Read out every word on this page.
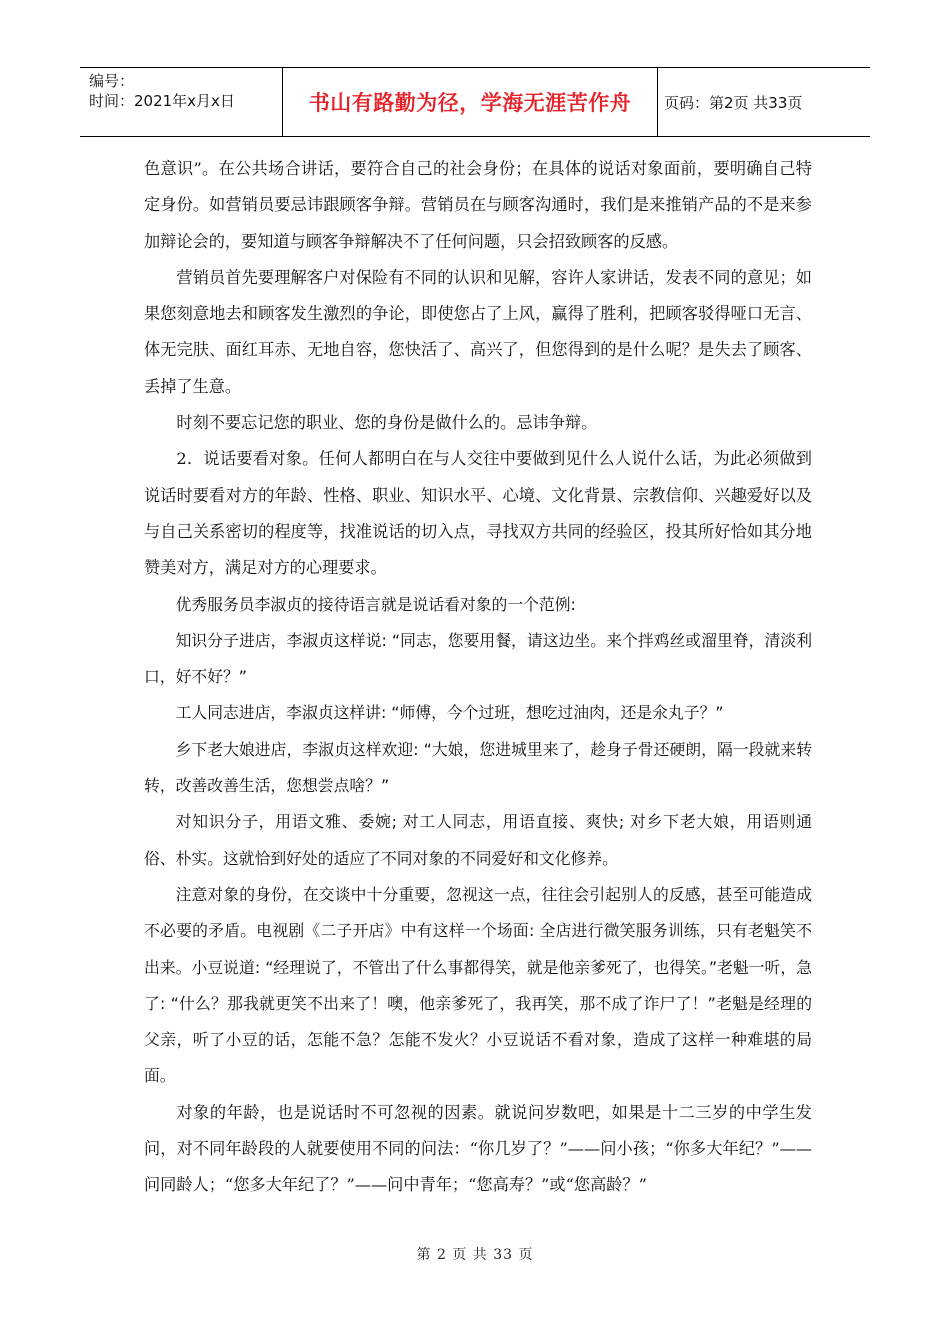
编号：
时间：2021年x月x日	书山有路勤为径，学海无涯苦作舟	页码：第2页 共33页

色意识”。在公共场合讲话，要符合自己的社会身份；在具体的说话对象面前，要明确自己特定身份。如营销员要忌讳跟顾客争辩。营销员在与顾客沟通时，我们是来推销产品的不是来参加辩论会的，要知道与顾客争辩解决不了任何问题，只会招致顾客的反感。

营销员首先要理解客户对保险有不同的认识和见解，容许人家讲话，发表不同的意见；如果您刻意地去和顾客发生激烈的争论，即使您占了上风，赢得了胜利，把顾客驳得哑口无言、体无完肤、面红耳赤、无地自容，您快活了、高兴了，但您得到的是什么呢？是失去了顾客、丢掉了生意。

时刻不要忘记您的职业、您的身份是做什么的。忌讳争辩。

2．说话要看对象。任何人都明白在与人交往中要做到见什么人说什么话，为此必须做到说话时要看对方的年龄、性格、职业、知识水平、心境、文化背景、宗教信仰、兴趣爱好以及与自己关系密切的程度等，找准说话的切入点，寻找双方共同的经验区，投其所好恰如其分地赞美对方，满足对方的心理要求。

优秀服务员李淑贞的接待语言就是说话看对象的一个范例:

知识分子进店，李淑贞这样说: “同志，您要用餐，请这边坐。来个拌鸡丝或溜里脊，清淡利口，好不好？”

工人同志进店，李淑贞这样讲: “师傅，今个过班，想吃过油肉，还是氽丸子？”

乡下老大娘进店，李淑贞这样欢迎: “大娘，您进城里来了，趁身子骨还硬朗，隔一段就来转转，改善改善生活，您想尝点啥？”

对知识分子，用语文雅、委婉; 对工人同志，用语直接、爽快; 对乡下老大娘，用语则通俗、朴实。这就恰到好处的适应了不同对象的不同爱好和文化修养。

注意对象的身份，在交谈中十分重要，忽视这一点，往往会引起别人的反感，甚至可能造成不必要的矛盾。电视剧《二子开店》中有这样一个场面: 全店进行微笑服务训练，只有老魁笑不出来。小豆说道: “经理说了，不管出了什么事都得笑，就是他亲爹死了，也得笑。”老魁一听，急了: “什么？那我就更笑不出来了！噢，他亲爹死了，我再笑，那不成了诈尸了！”老魁是经理的父亲，听了小豆的话，怎能不急？怎能不发火？小豆说话不看对象，造成了这样一种难堪的局面。

对象的年龄，也是说话时不可忽视的因素。就说问岁数吧，如果是十二三岁的中学生发问，对不同年龄段的人就要使用不同的问法：“你几岁了？”——问小孩；“你多大年纪？”——问同龄人；“您多大年纪了？”——问中青年；“您高寿？”或“您高龄？”

第 2 页 共 33 页
